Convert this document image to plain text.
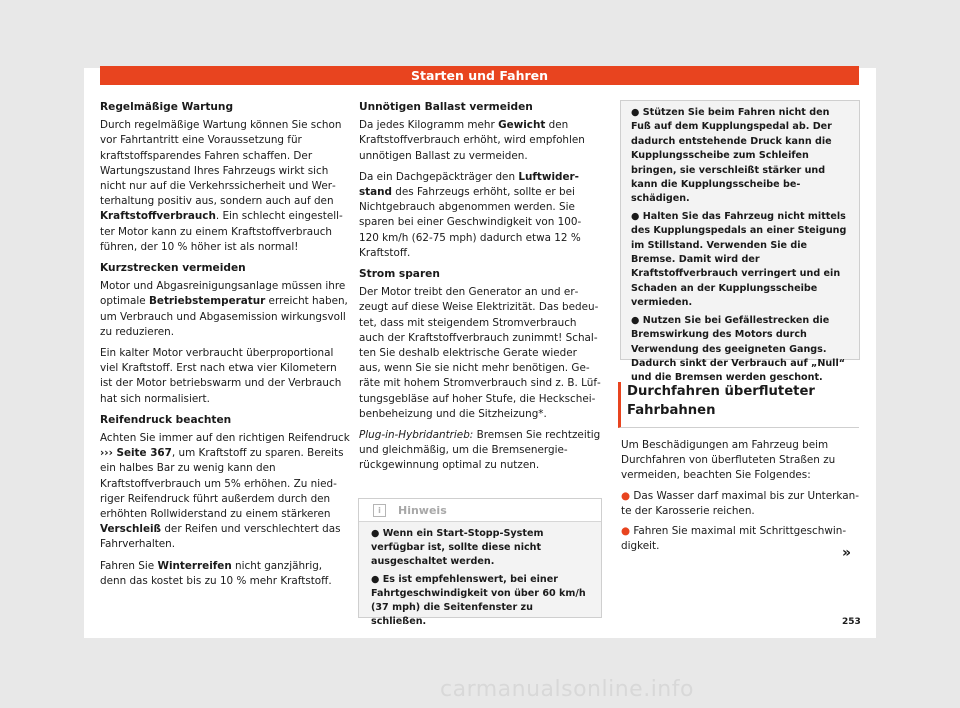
Starten und Fahren
Regelmäßige Wartung

Durch regelmäßige Wartung können Sie schon vor Fahrtantritt eine Voraussetzung für kraftstoffsparendes Fahren schaffen. Der Wartungszustand Ihres Fahrzeugs wirkt sich nicht nur auf die Verkehrssicherheit und Werterhaltung positiv aus, sondern auch auf den Kraftstoffverbrauch. Ein schlecht eingestellter Motor kann zu einem Kraftstoffverbrauch führen, der 10 % höher ist als normal!

Kurzstrecken vermeiden

Motor und Abgasreinigungsanlage müssen ihre optimale Betriebstemperatur erreicht haben, um Verbrauch und Abgasemission wirkungsvoll zu reduzieren.

Ein kalter Motor verbraucht überproportional viel Kraftstoff. Erst nach etwa vier Kilometern ist der Motor betriebswarm und der Verbrauch hat sich normalisiert.

Reifendruck beachten

Achten Sie immer auf den richtigen Reifendruck ››› Seite 367, um Kraftstoff zu sparen. Bereits ein halbes Bar zu wenig kann den Kraftstoffverbrauch um 5% erhöhen. Zu niedriger Reifendruck führt außerdem durch den erhöhten Rollwiderstand zu einem stärkeren Verschleiß der Reifen und verschlechtert das Fahrverhalten.

Fahren Sie Winterreifen nicht ganzjährig, denn das kostet bis zu 10 % mehr Kraftstoff.

Unnötigen Ballast vermeiden

Da jedes Kilogramm mehr Gewicht den Kraftstoffverbrauch erhöht, wird empfohlen unnötigen Ballast zu vermeiden.

Da ein Dachgepäckträger den Luftwiderstand des Fahrzeugs erhöht, sollte er bei Nichtgebrauch abgenommen werden. Sie sparen bei einer Geschwindigkeit von 100-120 km/h (62-75 mph) dadurch etwa 12 % Kraftstoff.

Strom sparen

Der Motor treibt den Generator an und erzeugt auf diese Weise Elektrizität. Das bedeutet, dass mit steigendem Stromverbrauch auch der Kraftstoffverbrauch zunimmt! Schalten Sie deshalb elektrische Gerate wieder aus, wenn Sie sie nicht mehr benötigen. Geräte mit hohem Stromverbrauch sind z. B. Lüftungsgebläse auf hoher Stufe, die Heckscheibenbeheizung und die Sitzheizung*.

Plug-in-Hybridantrieb: Bremsen Sie rechtzeitig und gleichmäßig, um die Bremsenergierückgewinnung optimal zu nutzen.

i	Hinweis

● Wenn ein Start-Stopp-System verfügbar ist, sollte diese nicht ausgeschaltet werden.

● Es ist empfehlenswert, bei einer Fahrtgeschwindigkeit von über 60 km/h (37 mph) die Seitenfenster zu schließen.

● Stützen Sie beim Fahren nicht den Fuß auf dem Kupplungspedal ab. Der dadurch entstehende Druck kann die Kupplungsscheibe zum Schleifen bringen, sie verschleißt stärker und kann die Kupplungsscheibe beschädigen.

● Halten Sie das Fahrzeug nicht mittels des Kupplungspedals an einer Steigung im Stillstand. Verwenden Sie die Bremse. Damit wird der Kraftstoffverbrauch verringert und ein Schaden an der Kupplungsscheibe vermieden.

● Nutzen Sie bei Gefällestrecken die Bremswirkung des Motors durch Verwendung des geeigneten Gangs. Dadurch sinkt der Verbrauch auf „Null“ und die Bremsen werden geschont.

Durchfahren überfluteter Fahrbahnen

Um Beschädigungen am Fahrzeug beim Durchfahren von überfluteten Straßen zu vermeiden, beachten Sie Folgendes:

● Das Wasser darf maximal bis zur Unterkante der Karosserie reichen.

● Fahren Sie maximal mit Schrittgeschwindigkeit.	»
253
carmanualsonline.info
